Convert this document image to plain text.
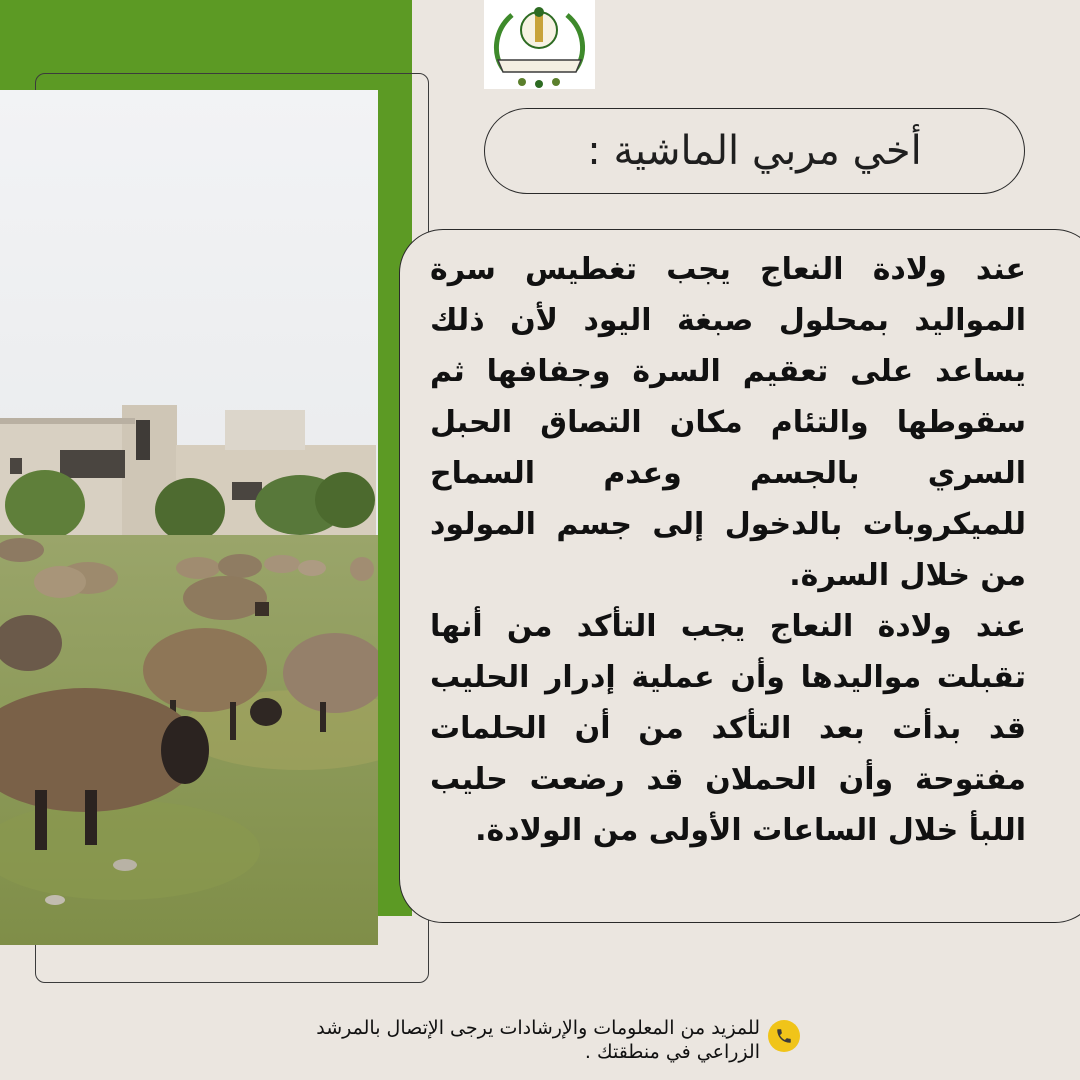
أخي مربي الماشية :

عند ولادة النعاج يجب تغطيس سرة المواليد بمحلول صبغة اليود لأن ذلك يساعد على تعقيم السرة وجفافها ثم سقوطها والتئام مكان التصاق الحبل السري بالجسم وعدم السماح للميكروبات بالدخول إلى جسم المولود من خلال السرة.

عند ولادة النعاج يجب التأكد من أنها تقبلت مواليدها وأن عملية إدرار الحليب قد بدأت بعد التأكد من أن الحلمات مفتوحة وأن الحملان قد رضعت حليب اللبأ خلال الساعات الأولى من الولادة.

للمزيد من المعلومات والإرشادات يرجى الإتصال بالمرشد الزراعي في منطقتك .
